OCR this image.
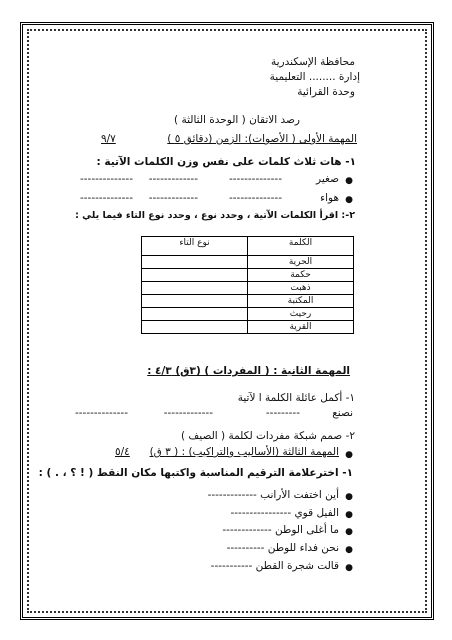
محافظة الإسكندرية
إدارة ........ التعليمية
وحدة القرائية
رصد الاتقان ( الوحدة الثالثة )
المهمة الأولى ( الأصوات): الزمن (دقائق ٥ )
٩/٧
١- هات ثلاث كلمات على نفس وزن الكلمات الآتية :
●
صغير
--------------
-------------
--------------
●
هواء
--------------
-------------
--------------
٢-: اقرأ الكلمات الآتية ، وحدد نوع ، وحدد نوع التاء فيما يلي :
الكلمة	نوع التاء
الحرية	
حكمة	
ذهبت	
المكتبة	
رحيث	
القرية	
المهمة الثانية : ( المفردات ) (٣ق) ٤/٣ :
١- أكمل عائلة الكلمة ا لآتية
نصنع
---------
-------------
--------------
٢- صمم شبكة مفردات لكلمة ( الصيف )
●
المهمة الثالثة (الأساليب والتراكيب) : ( ٣ ق)
٥/٤
١- اخترعلامة الترقيم المناسبة واكتبها مكان النقط ( ! ؟ ، . ) :
●
أين اختفت الأرانب -------------
●
الفيل قوي ----------------
●
ما أغلى الوطن -------------
●
نحن فداء للوطن ----------
●
قالت شجرة القطن -----------
